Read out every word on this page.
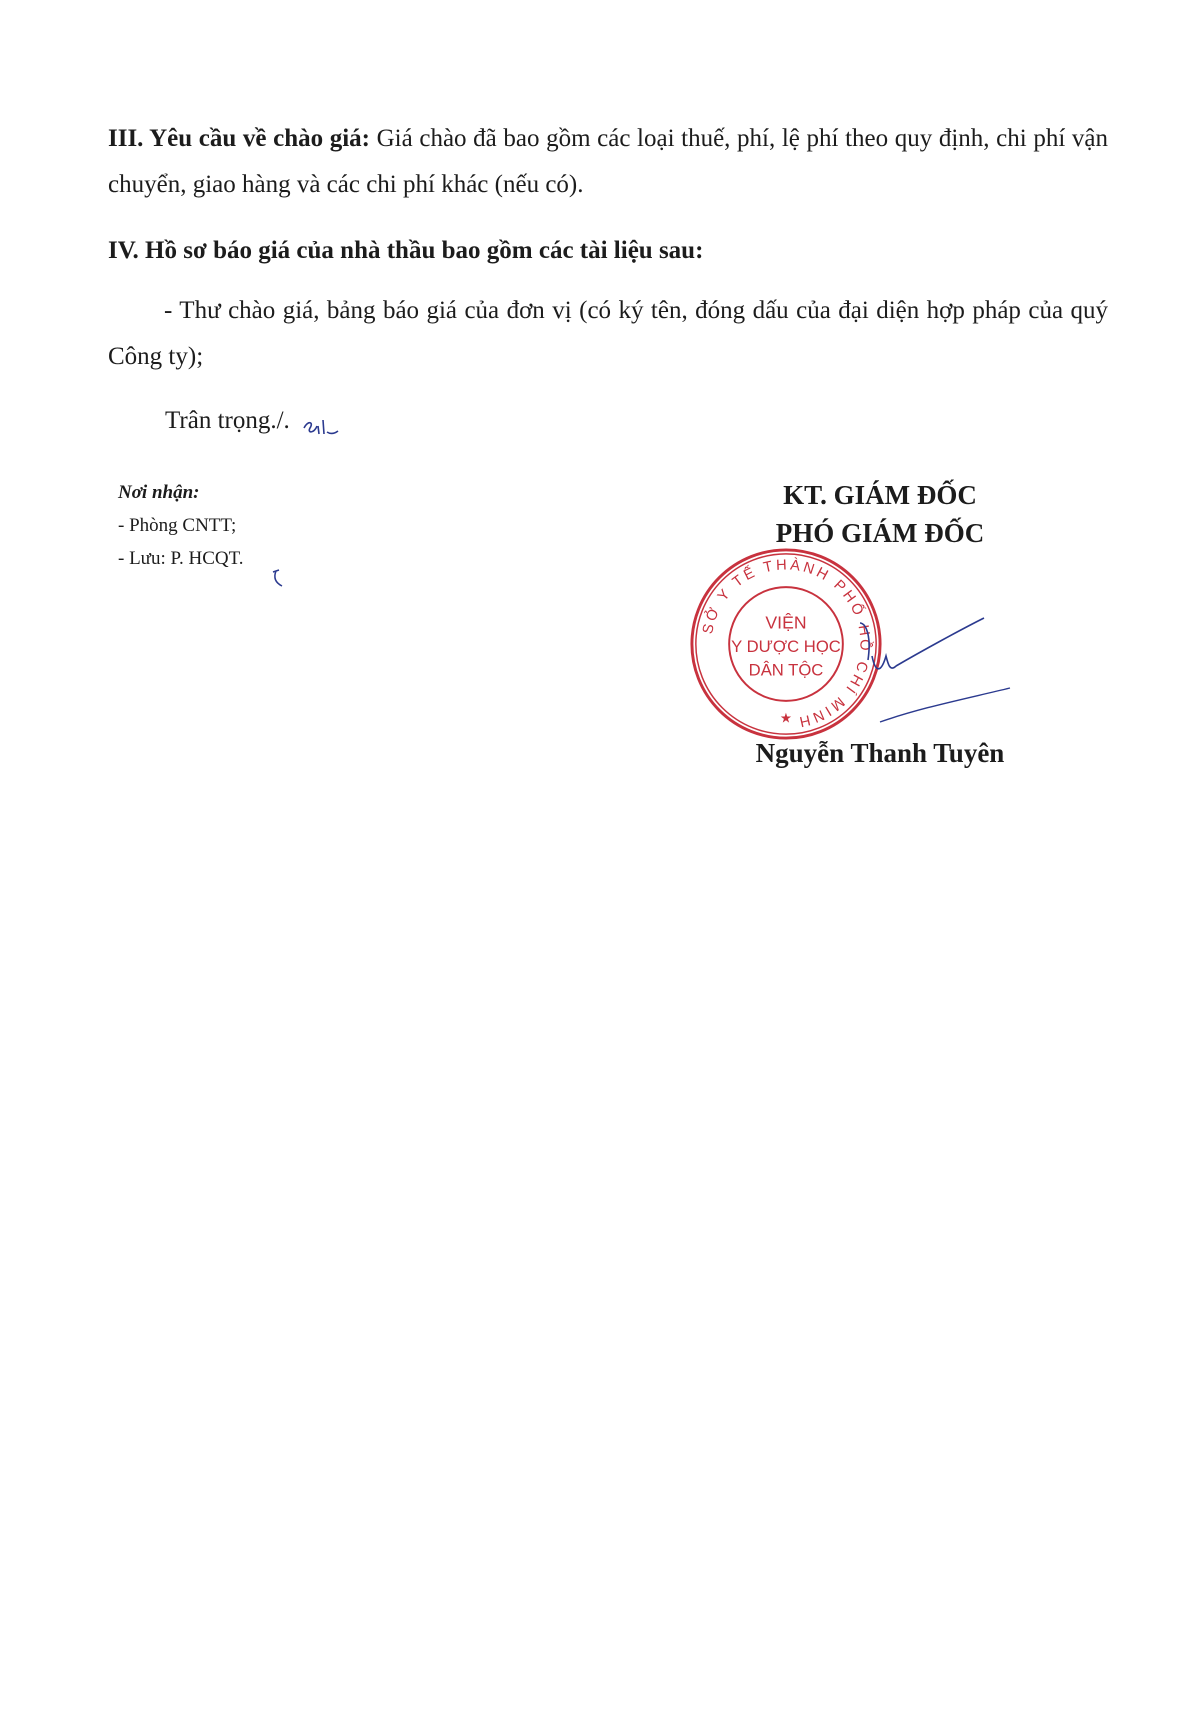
III. Yêu cầu về chào giá: Giá chào đã bao gồm các loại thuế, phí, lệ phí theo quy định, chi phí vận chuyển, giao hàng và các chi phí khác (nếu có).
IV. Hồ sơ báo giá của nhà thầu bao gồm các tài liệu sau:
- Thư chào giá, bảng báo giá của đơn vị (có ký tên, đóng dấu của đại diện hợp pháp của quý Công ty);
Trân trọng./.
Nơi nhận:
- Phòng CNTT;
- Lưu: P. HCQT.
KT. GIÁM ĐỐC
PHÓ GIÁM ĐỐC
SỞ Y TẾ THÀNH PHỐ HỒ CHÍ MINH
★
VIỆN
Y DƯỢC HỌC
DÂN TỘC
Nguyễn Thanh Tuyên
